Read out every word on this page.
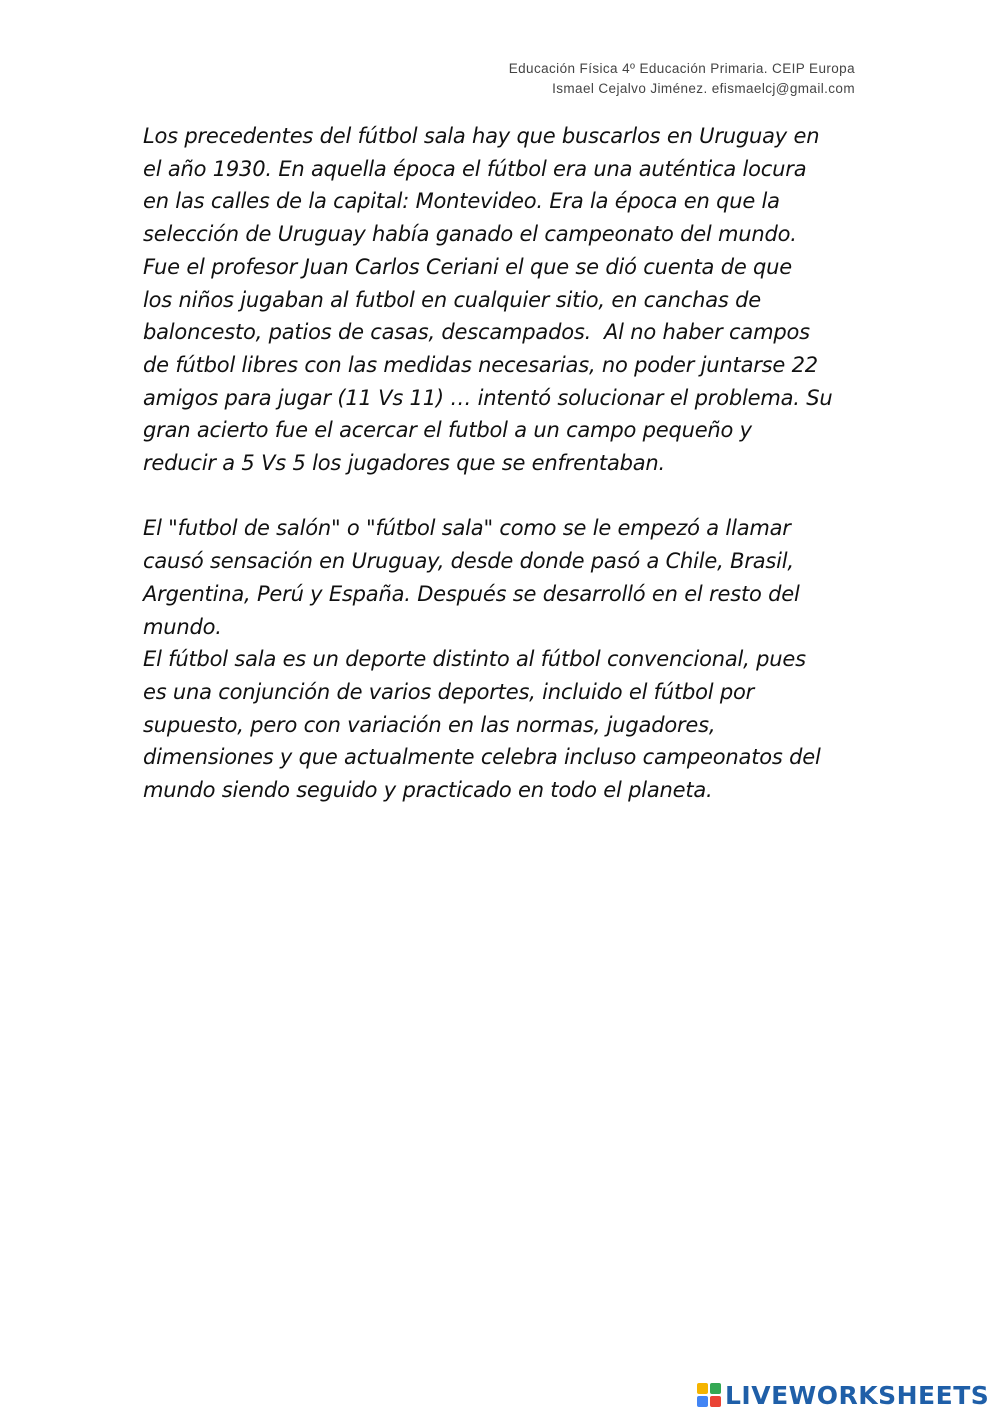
Educación Física 4º Educación Primaria. CEIP Europa
Ismael Cejalvo Jiménez. efismaelcj@gmail.com
Los precedentes del fútbol sala hay que buscarlos en Uruguay en
el año 1930. En aquella época el fútbol era una auténtica locura
en las calles de la capital: Montevideo. Era la época en que la
selección de Uruguay había ganado el campeonato del mundo.
Fue el profesor Juan Carlos Ceriani el que se dió cuenta de que
los niños jugaban al futbol en cualquier sitio, en canchas de
baloncesto, patios de casas, descampados.  Al no haber campos
de fútbol libres con las medidas necesarias, no poder juntarse 22
amigos para jugar (11 Vs 11) … intentó solucionar el problema. Su
gran acierto fue el acercar el futbol a un campo pequeño y
reducir a 5 Vs 5 los jugadores que se enfrentaban.
El "futbol de salón" o "fútbol sala" como se le empezó a llamar
causó sensación en Uruguay, desde donde pasó a Chile, Brasil,
Argentina, Perú y España. Después se desarrolló en el resto del
mundo.
El fútbol sala es un deporte distinto al fútbol convencional, pues
es una conjunción de varios deportes, incluido el fútbol por
supuesto, pero con variación en las normas, jugadores,
dimensiones y que actualmente celebra incluso campeonatos del
mundo siendo seguido y practicado en todo el planeta.
LIVEWORKSHEETS
